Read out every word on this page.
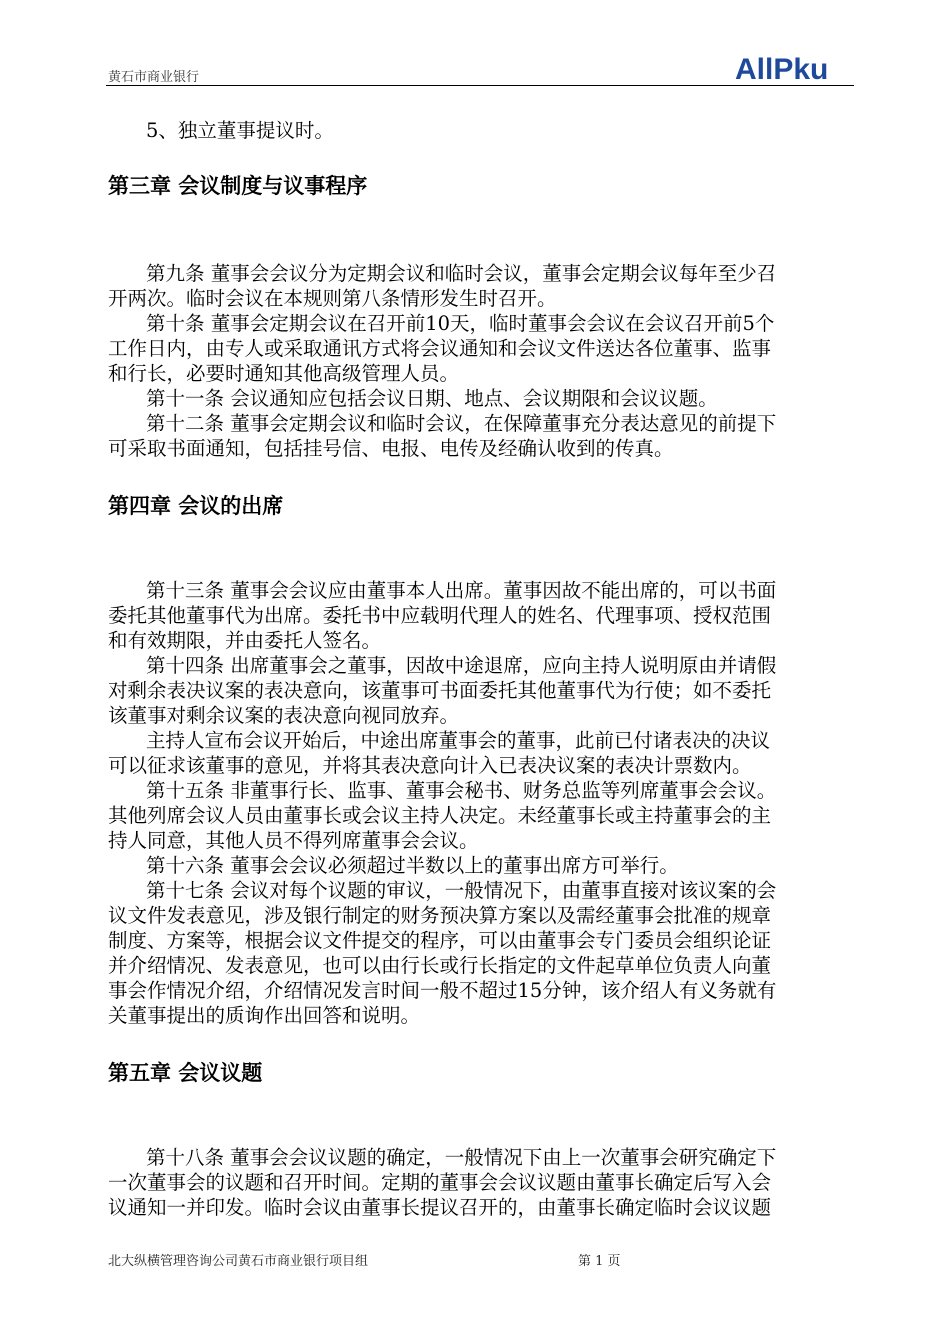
黄石市商业银行	AllPku

5、独立董事提议时。

第三章 会议制度与议事程序

第九条 董事会会议分为定期会议和临时会议，董事会定期会议每年至少召

开两次。临时会议在本规则第八条情形发生时召开。

第十条 董事会定期会议在召开前10天，临时董事会会议在会议召开前5个

工作日内，由专人或采取通讯方式将会议通知和会议文件送达各位董事、监事

和行长，必要时通知其他高级管理人员。

第十一条 会议通知应包括会议日期、地点、会议期限和会议议题。

第十二条 董事会定期会议和临时会议，在保障董事充分表达意见的前提下

可采取书面通知，包括挂号信、电报、电传及经确认收到的传真。

第四章 会议的出席

第十三条 董事会会议应由董事本人出席。董事因故不能出席的，可以书面

委托其他董事代为出席。委托书中应载明代理人的姓名、代理事项、授权范围

和有效期限，并由委托人签名。

第十四条 出席董事会之董事，因故中途退席，应向主持人说明原由并请假

对剩余表决议案的表决意向，该董事可书面委托其他董事代为行使；如不委托

该董事对剩余议案的表决意向视同放弃。

主持人宣布会议开始后，中途出席董事会的董事，此前已付诸表决的决议

可以征求该董事的意见，并将其表决意向计入已表决议案的表决计票数内。

第十五条 非董事行长、监事、董事会秘书、财务总监等列席董事会会议。

其他列席会议人员由董事长或会议主持人决定。未经董事长或主持董事会的主

持人同意，其他人员不得列席董事会会议。

第十六条 董事会会议必须超过半数以上的董事出席方可举行。

第十七条 会议对每个议题的审议，一般情况下，由董事直接对该议案的会

议文件发表意见，涉及银行制定的财务预决算方案以及需经董事会批准的规章

制度、方案等，根据会议文件提交的程序，可以由董事会专门委员会组织论证

并介绍情况、发表意见，也可以由行长或行长指定的文件起草单位负责人向董

事会作情况介绍，介绍情况发言时间一般不超过15分钟，该介绍人有义务就有

关董事提出的质询作出回答和说明。

第五章 会议议题

第十八条 董事会会议议题的确定，一般情况下由上一次董事会研究确定下

一次董事会的议题和召开时间。定期的董事会会议议题由董事长确定后写入会

议通知一并印发。临时会议由董事长提议召开的，由董事长确定临时会议议题

北大纵横管理咨询公司黄石市商业银行项目组	第 1 页
